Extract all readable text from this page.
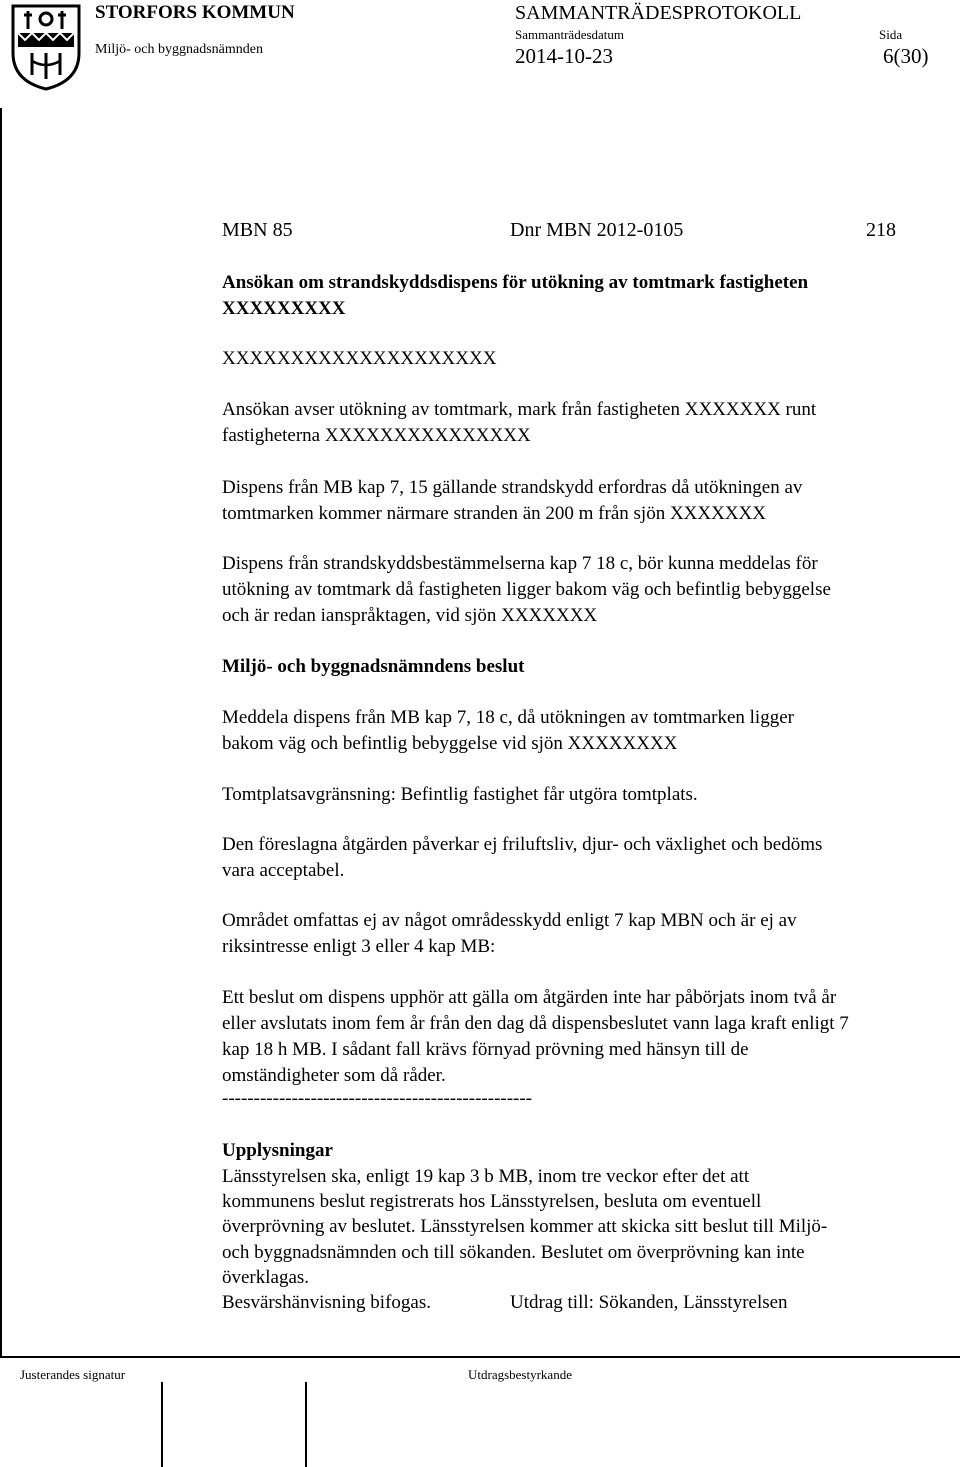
STORFORS KOMMUN
Miljö- och byggnadsnämnden
SAMMANTRÄDESPROTOKOLL
Sammanträdesdatum
2014-10-23
Sida
6(30)
MBN 85	Dnr MBN 2012-0105	218
Ansökan om strandskyddsdispens för utökning av tomtmark fastigheten
XXXXXXXXX
XXXXXXXXXXXXXXXXXXXX
Ansökan avser utökning av tomtmark, mark från fastigheten XXXXXXX runt
fastigheterna XXXXXXXXXXXXXXX
Dispens från MB kap 7, 15 gällande strandskydd erfordras då utökningen av
tomtmarken kommer närmare stranden än 200 m från sjön XXXXXXX
Dispens från strandskyddsbestämmelserna kap 7 18 c, bör kunna meddelas för
utökning av tomtmark då fastigheten ligger bakom väg och befintlig bebyggelse
och är redan ianspråktagen, vid sjön XXXXXXX
Miljö- och byggnadsnämndens beslut
Meddela dispens från MB kap 7, 18 c, då utökningen av tomtmarken ligger
bakom väg och befintlig bebyggelse vid sjön XXXXXXXX
Tomtplatsavgränsning: Befintlig fastighet får utgöra tomtplats.
Den föreslagna åtgärden påverkar ej friluftsliv, djur- och växlighet och bedöms
vara acceptabel.
Området omfattas ej av något områdesskydd enligt 7 kap MBN och är ej av
riksintresse enligt 3 eller 4 kap MB:
Ett beslut om dispens upphör att gälla om åtgärden inte har påbörjats inom två år
eller avslutats inom fem år från den dag då dispensbeslutet vann laga kraft enligt 7
kap 18 h MB. I sådant fall krävs förnyad prövning med hänsyn till de
omständigheter som då råder.
-------------------------------------------------
Upplysningar
Länsstyrelsen ska, enligt 19 kap 3 b MB, inom tre veckor efter det att
kommunens beslut registrerats hos Länsstyrelsen, besluta om eventuell
överprövning av beslutet. Länsstyrelsen kommer att skicka sitt beslut till Miljö-
och byggnadsnämnden och till sökanden. Beslutet om överprövning kan inte
överklagas.
Besvärshänvisning bifogas.	Utdrag till: Sökanden, Länsstyrelsen
Justerandes signatur	Utdragsbestyrkande
